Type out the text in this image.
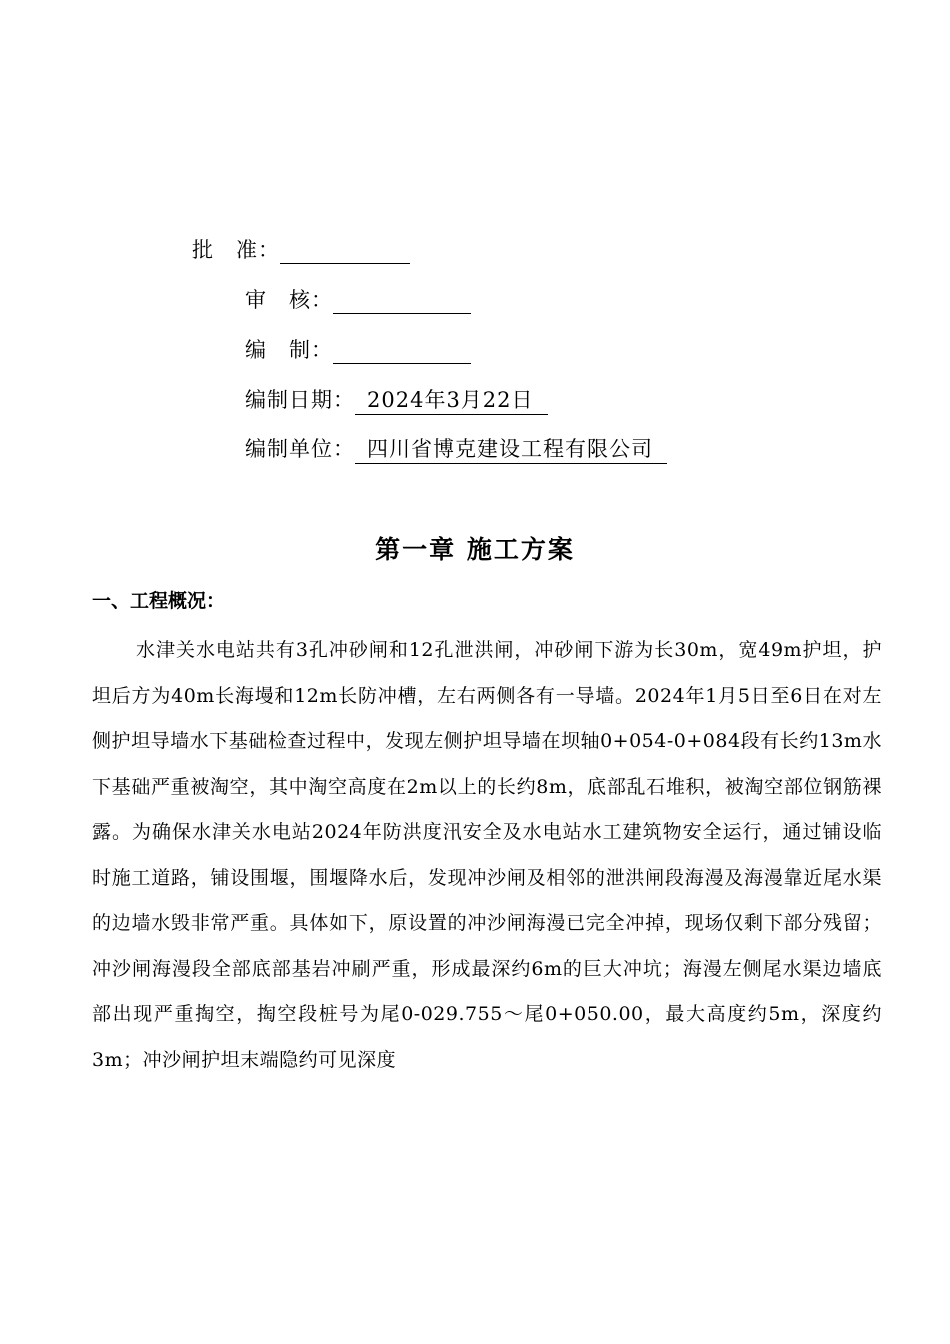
批　准：
审　核：
编　制：
编制日期： 2024年3月22日
编制单位： 四川省博克建设工程有限公司
第一章 施工方案
一、工程概况：

水津关水电站共有3孔冲砂闸和12孔泄洪闸，冲砂闸下游为长30m，宽49m护坦，护坦后方为40m长海墁和12m长防冲槽，左右两侧各有一导墙。2024年1月5日至6日在对左侧护坦导墙水下基础检查过程中，发现左侧护坦导墙在坝轴0+054-0+084段有长约13m水下基础严重被淘空，其中淘空高度在2m以上的长约8m，底部乱石堆积，被淘空部位钢筋裸露。为确保水津关水电站2024年防洪度汛安全及水电站水工建筑物安全运行，通过铺设临时施工道路，铺设围堰，围堰降水后，发现冲沙闸及相邻的泄洪闸段海漫及海漫靠近尾水渠的边墙水毁非常严重。具体如下，原设置的冲沙闸海漫已完全冲掉，现场仅剩下部分残留；冲沙闸海漫段全部底部基岩冲刷严重，形成最深约6m的巨大冲坑；海漫左侧尾水渠边墙底部出现严重掏空，掏空段桩号为尾0-029.755～尾0+050.00，最大高度约5m，深度约3m；冲沙闸护坦末端隐约可见深度
